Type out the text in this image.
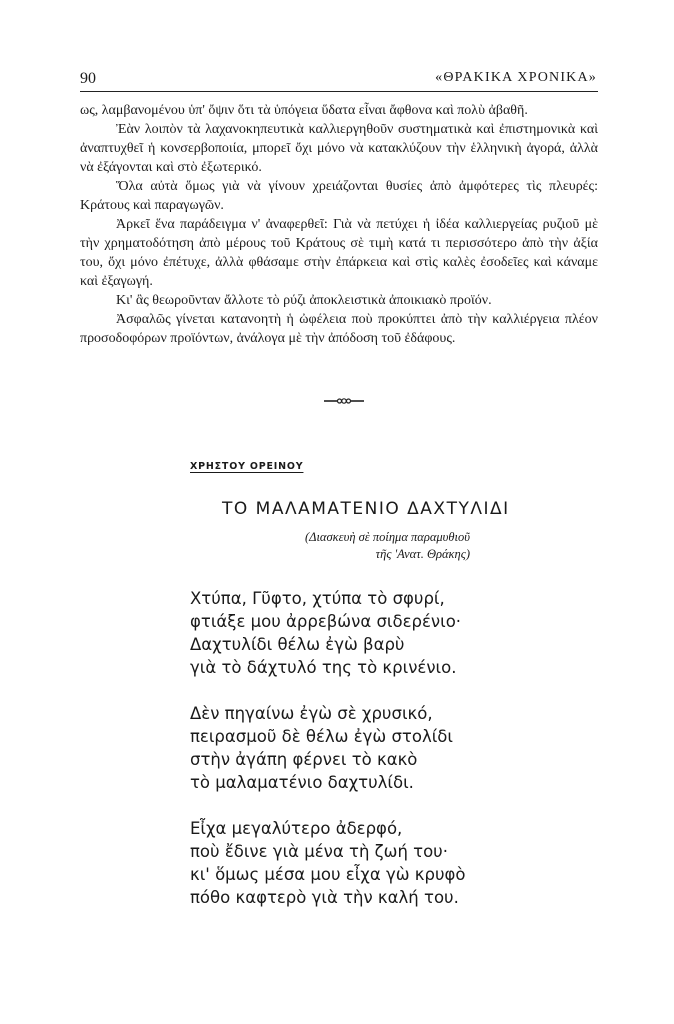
90	«ΘΡΑΚΙΚΑ ΧΡΟΝΙΚΑ»

ως, λαμβανομένου ὑπ' ὄψιν ὅτι τὰ ὑπόγεια ὕδατα εἶναι ἄφθονα καὶ πολὺ ἀβαθῆ.

Ἐὰν λοιπὸν τὰ λαχανοκηπευτικὰ καλλιεργηθοῦν συστηματικὰ καὶ ἐπιστημονικὰ καὶ ἀναπτυχθεῖ ἡ κονσερβοποιία, μπορεῖ ὄχι μόνο νὰ κατακλύζουν τὴν ἑλληνικὴ ἀγορά, ἀλλὰ νὰ ἐξάγονται καὶ στὸ ἐξωτερικό.

Ὅλα αὐτὰ ὅμως γιὰ νὰ γίνουν χρειάζονται θυσίες ἀπὸ ἀμφότερες τὶς πλευρές: Κράτους καὶ παραγωγῶν.

Ἀρκεῖ ἕνα παράδειγμα ν' ἀναφερθεῖ: Γιὰ νὰ πετύχει ἡ ἰδέα καλλιεργείας ρυζιοῦ μὲ τὴν χρηματοδότηση ἀπὸ μέρους τοῦ Κράτους σὲ τιμὴ κατά τι περισσότερο ἀπὸ τὴν ἀξία του, ὄχι μόνο ἐπέτυχε, ἀλλὰ φθάσαμε στὴν ἐπάρκεια καὶ στὶς καλὲς ἐσοδεῖες καὶ κάναμε καὶ ἐξαγωγή.

Κι' ἂς θεωροῦνταν ἄλλοτε τὸ ρύζι ἀποκλειστικὰ ἀποικιακὸ προϊόν.

Ἀσφαλῶς γίνεται κατανοητὴ ἡ ὠφέλεια ποὺ προκύπτει ἀπὸ τὴν καλλιέργεια πλέον προσοδοφόρων προϊόντων, ἀνάλογα μὲ τὴν ἀπόδοση τοῦ ἐδάφους.

ΧΡΗΣΤΟΥ ΟΡΕΙΝΟΥ
ΤΟ ΜΑΛΑΜΑΤΕΝΙΟ ΔΑΧΤΥΛΙΔΙ
(Διασκευὴ σὲ ποίημα παραμυθιοῦ
τῆς 'Ανατ. Θράκης)
Χτύπα, Γῦφτο, χτύπα τὸ σφυρί,
φτιάξε μου ἀρρεβώνα σιδερένιο·
Δαχτυλίδι θέλω ἐγὼ βαρὺ
γιὰ τὸ δάχτυλό της τὸ κρινένιο.
Δὲν πηγαίνω ἐγὼ σὲ χρυσικό,
πειρασμοῦ δὲ θέλω ἐγὼ στολίδι
στὴν ἀγάπη φέρνει τὸ κακὸ
τὸ μαλαματένιο δαχτυλίδι.
Εἶχα μεγαλύτερο ἀδερφό,
ποὺ ἔδινε γιὰ μένα τὴ ζωή του·
κι' ὅμως μέσα μου εἶχα γὼ κρυφὸ
πόθο καφτερὸ γιὰ τὴν καλή του.
